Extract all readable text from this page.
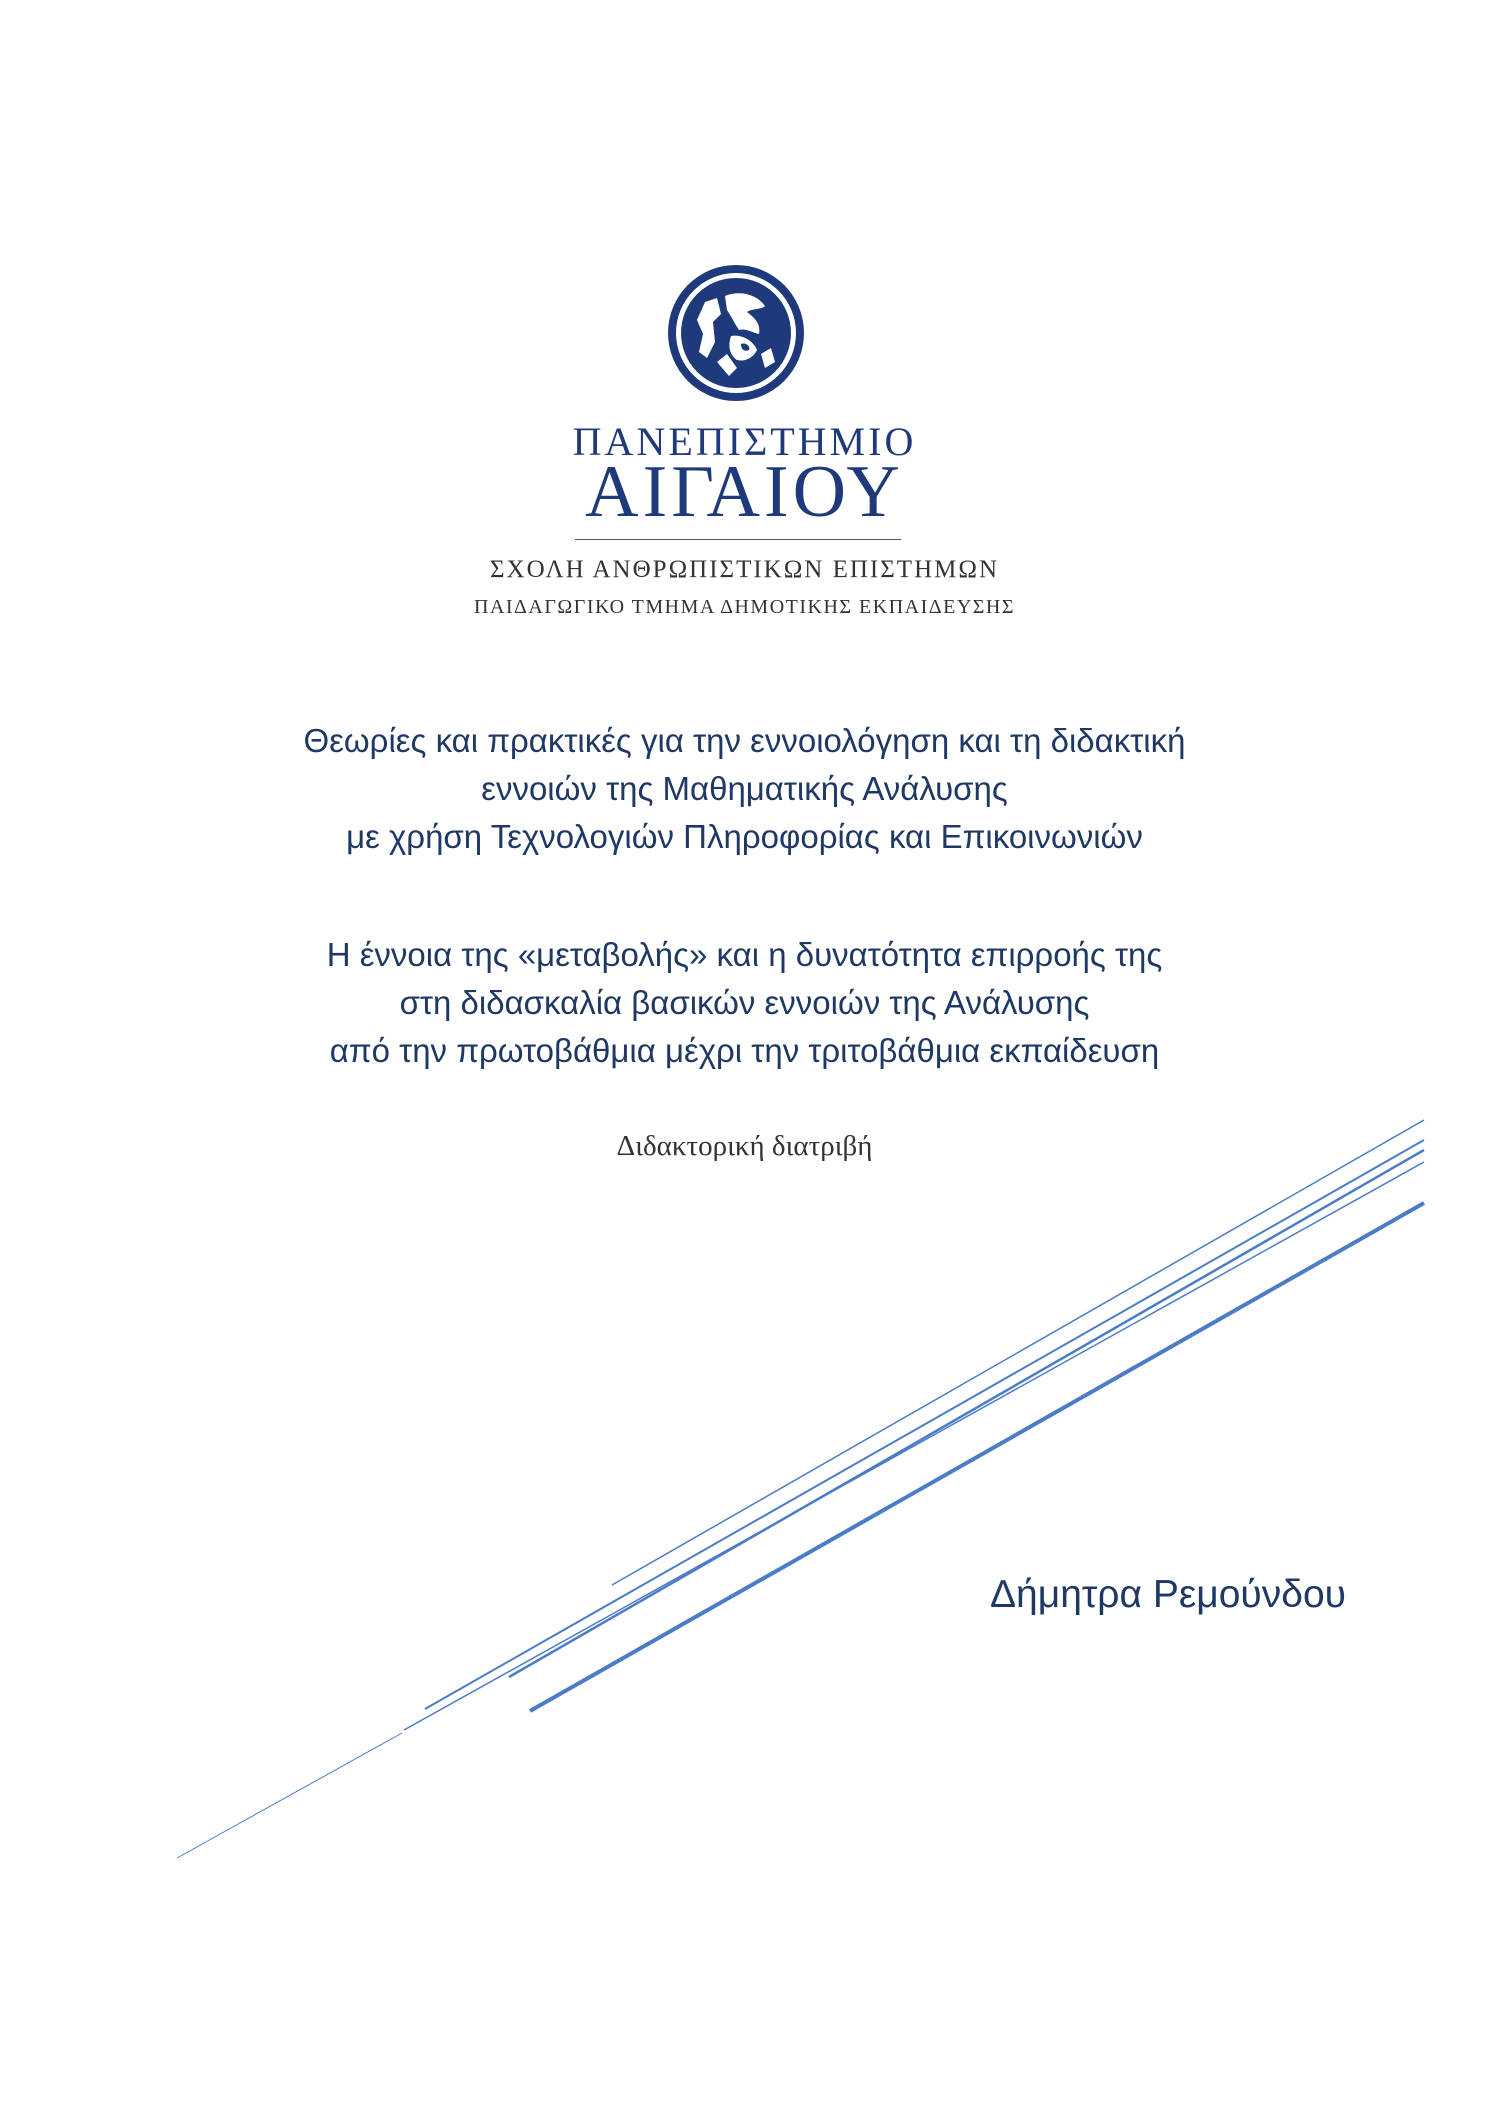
ΠΑΝΕΠΙΣΤΗΜΙΟ
ΑΙΓΑΙΟΥ
ΣΧΟΛΗ ΑΝΘΡΩΠΙΣΤΙΚΩΝ ΕΠΙΣΤΗΜΩΝ
ΠΑΙΔΑΓΩΓΙΚΟ ΤΜΗΜΑ ΔΗΜΟΤΙΚΗΣ ΕΚΠΑΙΔΕΥΣΗΣ
Θεωρίες και πρακτικές για την εννοιολόγηση και τη διδακτική
εννοιών της Μαθηματικής Ανάλυσης
με χρήση Τεχνολογιών Πληροφορίας και Επικοινωνιών
Η έννοια της «μεταβολής» και η δυνατότητα επιρροής της
στη διδασκαλία βασικών εννοιών της Ανάλυσης
από την πρωτοβάθμια μέχρι την τριτοβάθμια εκπαίδευση
Διδακτορική διατριβή
Δήμητρα Ρεμούνδου
